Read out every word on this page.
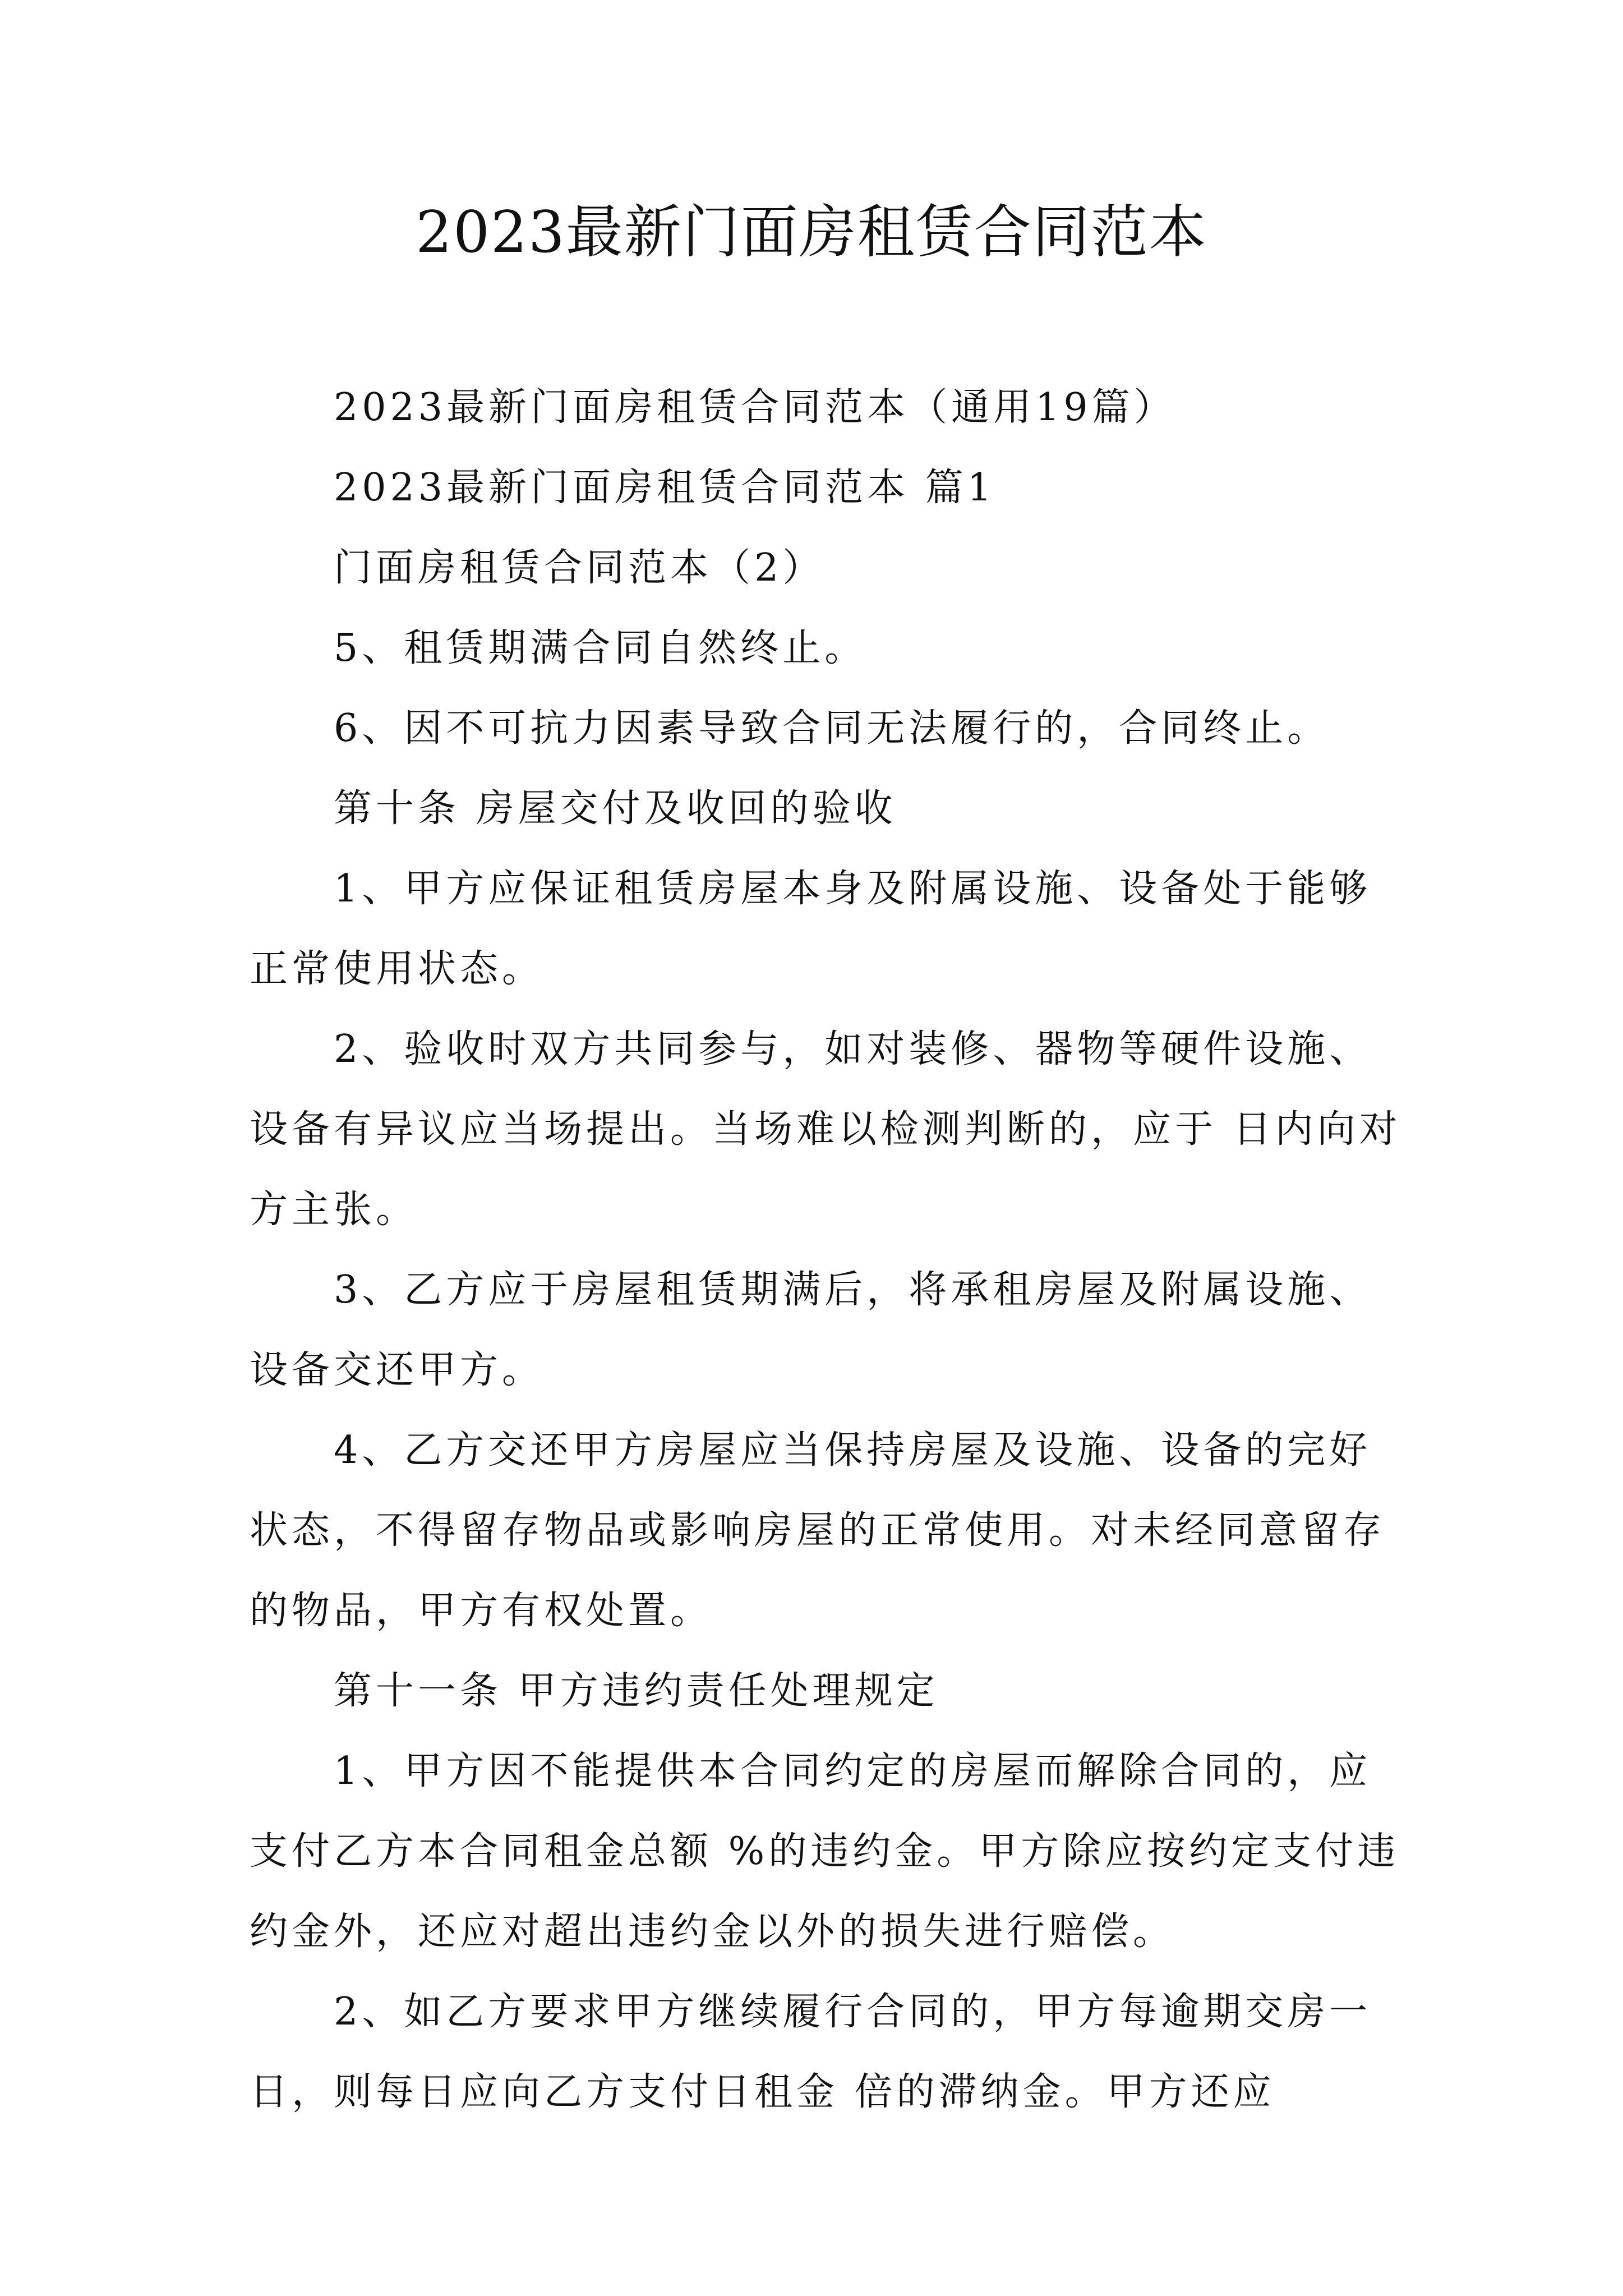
2023最新门面房租赁合同范本

2023最新门面房租赁合同范本（通用19篇）

2023最新门面房租赁合同范本 篇1

门面房租赁合同范本（2）

5、租赁期满合同自然终止。

6、因不可抗力因素导致合同无法履行的，合同终止。

第十条 房屋交付及收回的验收

1、甲方应保证租赁房屋本身及附属设施、设备处于能够正常使用状态。

2、验收时双方共同参与，如对装修、器物等硬件设施、设备有异议应当场提出。当场难以检测判断的，应于 日内向对方主张。

3、乙方应于房屋租赁期满后，将承租房屋及附属设施、设备交还甲方。

4、乙方交还甲方房屋应当保持房屋及设施、设备的完好状态，不得留存物品或影响房屋的正常使用。对未经同意留存的物品，甲方有权处置。

第十一条 甲方违约责任处理规定

1、甲方因不能提供本合同约定的房屋而解除合同的，应支付乙方本合同租金总额 %的违约金。甲方除应按约定支付违约金外，还应对超出违约金以外的损失进行赔偿。

2、如乙方要求甲方继续履行合同的，甲方每逾期交房一日，则每日应向乙方支付日租金 倍的滞纳金。甲方还应
